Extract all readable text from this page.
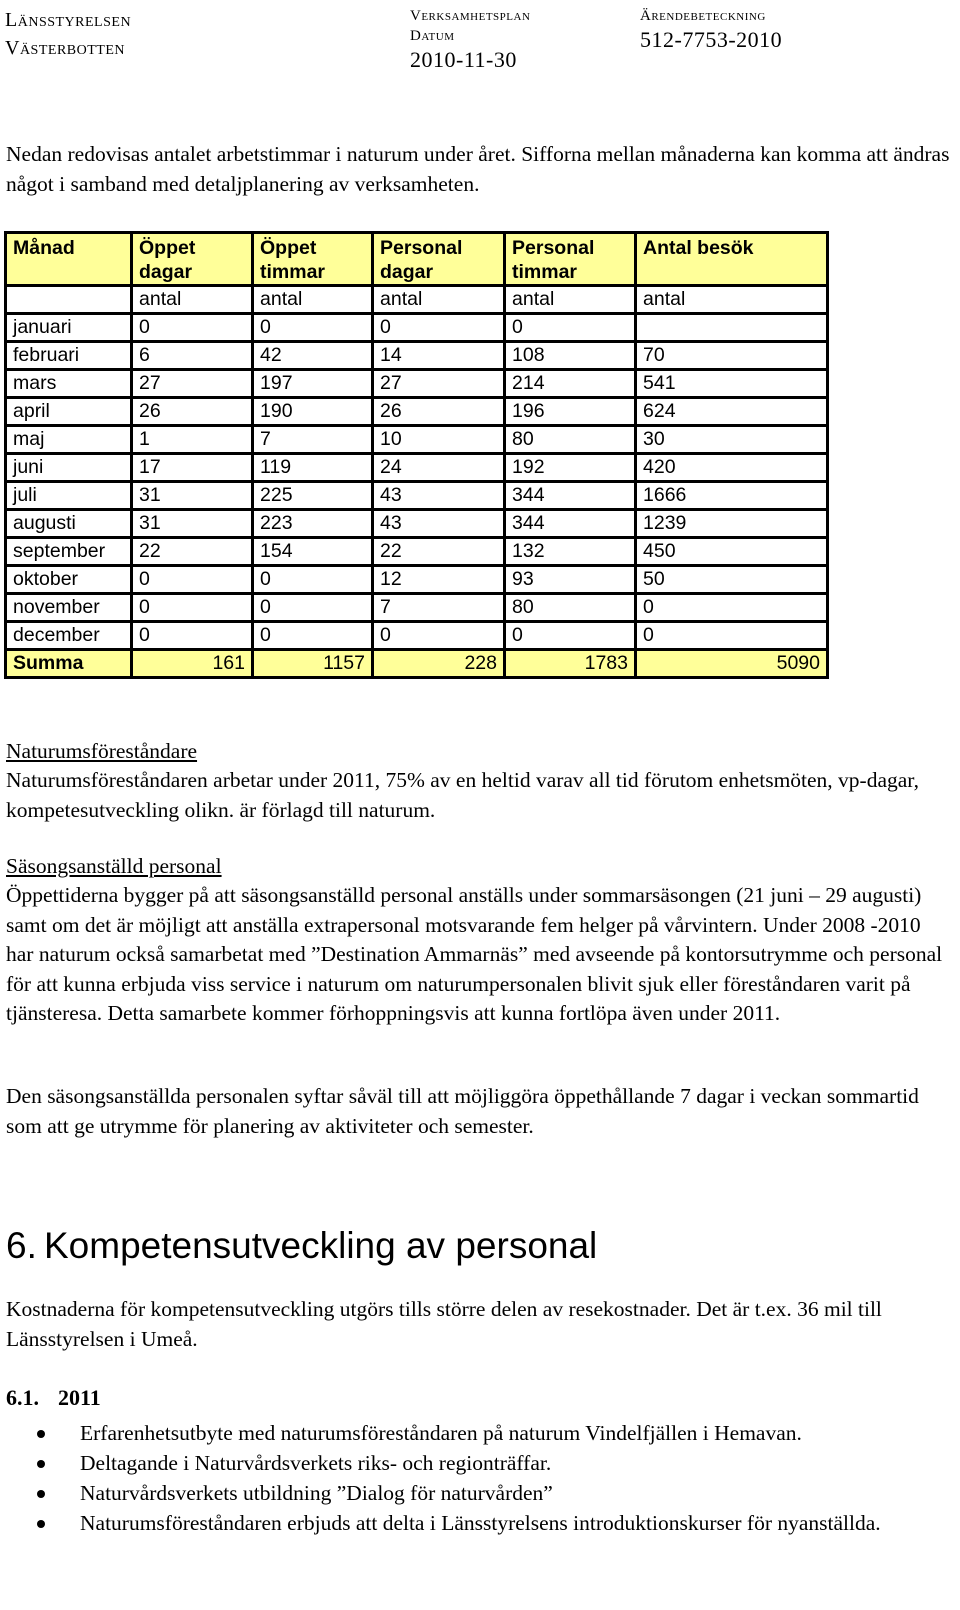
Länsstyrelsen
Västerbotten
Verksamhetsplan
Datum
2010-11-30
Ärendebeteckning
512-7753-2010

Nedan redovisas antalet arbetstimmar i naturum under året. Sifforna mellan månaderna kan komma att ändras något i samband med detaljplanering av verksamheten.

Månad	Öppet dagar	Öppet timmar	Personal dagar	Personal timmar	Antal besök
	antal	antal	antal	antal	antal
januari	0	0	0	0	
februari	6	42	14	108	70
mars	27	197	27	214	541
april	26	190	26	196	624
maj	1	7	10	80	30
juni	17	119	24	192	420
juli	31	225	43	344	1666
augusti	31	223	43	344	1239
september	22	154	22	132	450
oktober	0	0	12	93	50
november	0	0	7	80	0
december	0	0	0	0	0
Summa	161	1157	228	1783	5090
Naturumsföreståndare

Naturumsföreståndaren arbetar under 2011, 75% av en heltid varav all tid förutom enhetsmöten, vp-dagar, kompetesutveckling olikn. är förlagd till naturum.

Säsongsanställd personal

Öppettiderna bygger på att säsongsanställd personal anställs under sommarsäsongen (21 juni – 29 augusti) samt om det är möjligt att anställa extrapersonal motsvarande fem helger på vårvintern. Under 2008 -2010 har naturum också samarbetat med ”Destination Ammarnäs” med avseende på kontorsutrymme och personal för att kunna erbjuda viss service i naturum om naturumpersonalen blivit sjuk eller föreståndaren varit på tjänsteresa. Detta samarbete kommer förhoppningsvis att kunna fortlöpa även under 2011.

Den säsongsanställda personalen syftar såväl till att möjliggöra öppethållande 7 dagar i veckan sommartid som att ge utrymme för planering av aktiviteter och semester.

6. Kompetensutveckling av personal

Kostnaderna för kompetensutveckling utgörs tills större delen av resekostnader. Det är t.ex. 36 mil till Länsstyrelsen i Umeå.

6.1. 2011
Erfarenhetsutbyte med naturumsföreståndaren på naturum Vindelfjällen i Hemavan.
Deltagande i Naturvårdsverkets riks- och regionträffar.
Naturvårdsverkets utbildning ”Dialog för naturvården”
Naturumsföreståndaren erbjuds att delta i Länsstyrelsens introduktionskurser för nyanställda.
